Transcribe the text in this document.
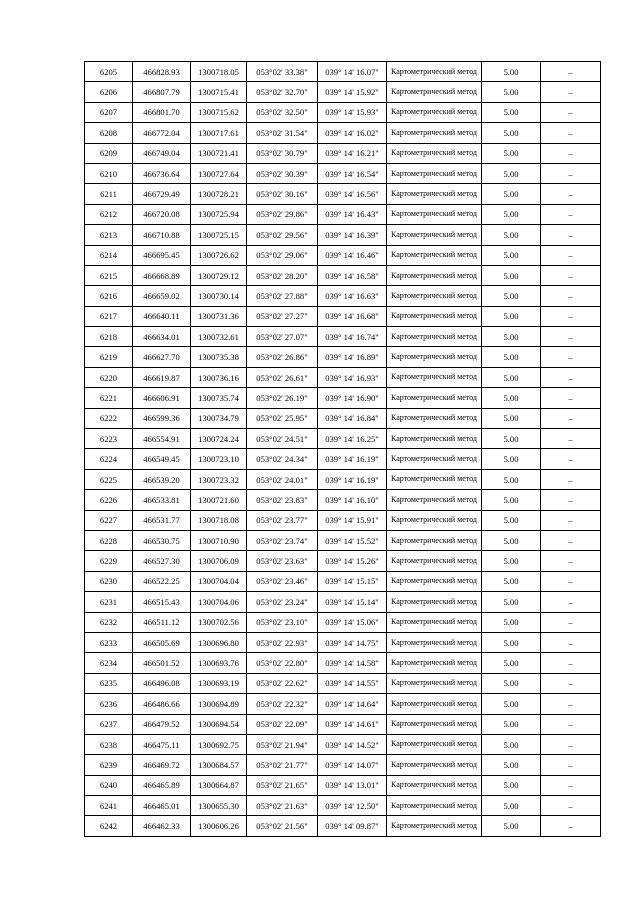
6205	466828.93	1300718.05	053°02' 33.38"	039° 14' 16.07"	Картометрический метод	5.00	–
6206	466807.79	1300715.41	053°02' 32.70"	039° 14' 15.92"	Картометрический метод	5.00	–
6207	466801.70	1300715.62	053°02' 32.50"	039° 14' 15.93"	Картометрический метод	5.00	–
6208	466772.04	1300717.61	053°02' 31.54"	039° 14' 16.02"	Картометрический метод	5.00	–
6209	466749.04	1300721.41	053°02' 30.79"	039° 14' 16.21"	Картометрический метод	5.00	–
6210	466736.64	1300727.64	053°02' 30.39"	039° 14' 16.54"	Картометрический метод	5.00	–
6211	466729.49	1300728.21	053°02' 30.16"	039° 14' 16.56"	Картометрический метод	5.00	–
6212	466720.08	1300725.94	053°02' 29.86"	039° 14' 16.43"	Картометрический метод	5.00	–
6213	466710.88	1300725.15	053°02' 29.56"	039° 14' 16.39"	Картометрический метод	5.00	–
6214	466695.45	1300726.62	053°02' 29.06"	039° 14' 16.46"	Картометрический метод	5.00	–
6215	466668.89	1300729.12	053°02' 28.20"	039° 14' 16.58"	Картометрический метод	5.00	–
6216	466659.02	1300730.14	053°02' 27.88"	039° 14' 16.63"	Картометрический метод	5.00	–
6217	466640.11	1300731.36	053°02' 27.27"	039° 14' 16.68"	Картометрический метод	5.00	–
6218	466634.01	1300732.61	053°02' 27.07"	039° 14' 16.74"	Картометрический метод	5.00	–
6219	466627.70	1300735.38	053°02' 26.86"	039° 14' 16.89"	Картометрический метод	5.00	–
6220	466619.87	1300736.16	053°02' 26.61"	039° 14' 16.93"	Картометрический метод	5.00	–
6221	466606.91	1300735.74	053°02' 26.19"	039° 14' 16.90"	Картометрический метод	5.00	–
6222	466599.36	1300734.79	053°02' 25.95"	039° 14' 16.84"	Картометрический метод	5.00	–
6223	466554.91	1300724.24	053°02' 24.51"	039° 14' 16.25"	Картометрический метод	5.00	–
6224	466549.45	1300723.10	053°02' 24.34"	039° 14' 16.19"	Картометрический метод	5.00	–
6225	466539.20	1300723.32	053°02' 24.01"	039° 14' 16.19"	Картометрический метод	5.00	–
6226	466533.81	1300721.60	053°02' 23.83"	039° 14' 16.10"	Картометрический метод	5.00	–
6227	466531.77	1300718.08	053°02' 23.77"	039° 14' 15.91"	Картометрический метод	5.00	–
6228	466530.75	1300710.90	053°02' 23.74"	039° 14' 15.52"	Картометрический метод	5.00	–
6229	466527.30	1300706.09	053°02' 23.63"	039° 14' 15.26"	Картометрический метод	5.00	–
6230	466522.25	1300704.04	053°02' 23.46"	039° 14' 15.15"	Картометрический метод	5.00	–
6231	466515.43	1300704.06	053°02' 23.24"	039° 14' 15.14"	Картометрический метод	5.00	–
6232	466511.12	1300702.56	053°02' 23.10"	039° 14' 15.06"	Картометрический метод	5.00	–
6233	466505.69	1300696.80	053°02' 22.93"	039° 14' 14.75"	Картометрический метод	5.00	–
6234	466501.52	1300693.76	053°02' 22.80"	039° 14' 14.58"	Картометрический метод	5.00	–
6235	466496.08	1300693.19	053°02' 22.62"	039° 14' 14.55"	Картометрический метод	5.00	–
6236	466486.66	1300694.89	053°02' 22.32"	039° 14' 14.64"	Картометрический метод	5.00	–
6237	466479.52	1300694.54	053°02' 22.09"	039° 14' 14.61"	Картометрический метод	5.00	–
6238	466475.11	1300692.75	053°02' 21.94"	039° 14' 14.52"	Картометрический метод	5.00	–
6239	466469.72	1300684.57	053°02' 21.77"	039° 14' 14.07"	Картометрический метод	5.00	–
6240	466465.89	1300664.87	053°02' 21.65"	039° 14' 13.01"	Картометрический метод	5.00	–
6241	466465.01	1300655.30	053°02' 21.63"	039° 14' 12.50"	Картометрический метод	5.00	–
6242	466462.33	1300606.26	053°02' 21.56"	039° 14' 09.87"	Картометрический метод	5.00	–
